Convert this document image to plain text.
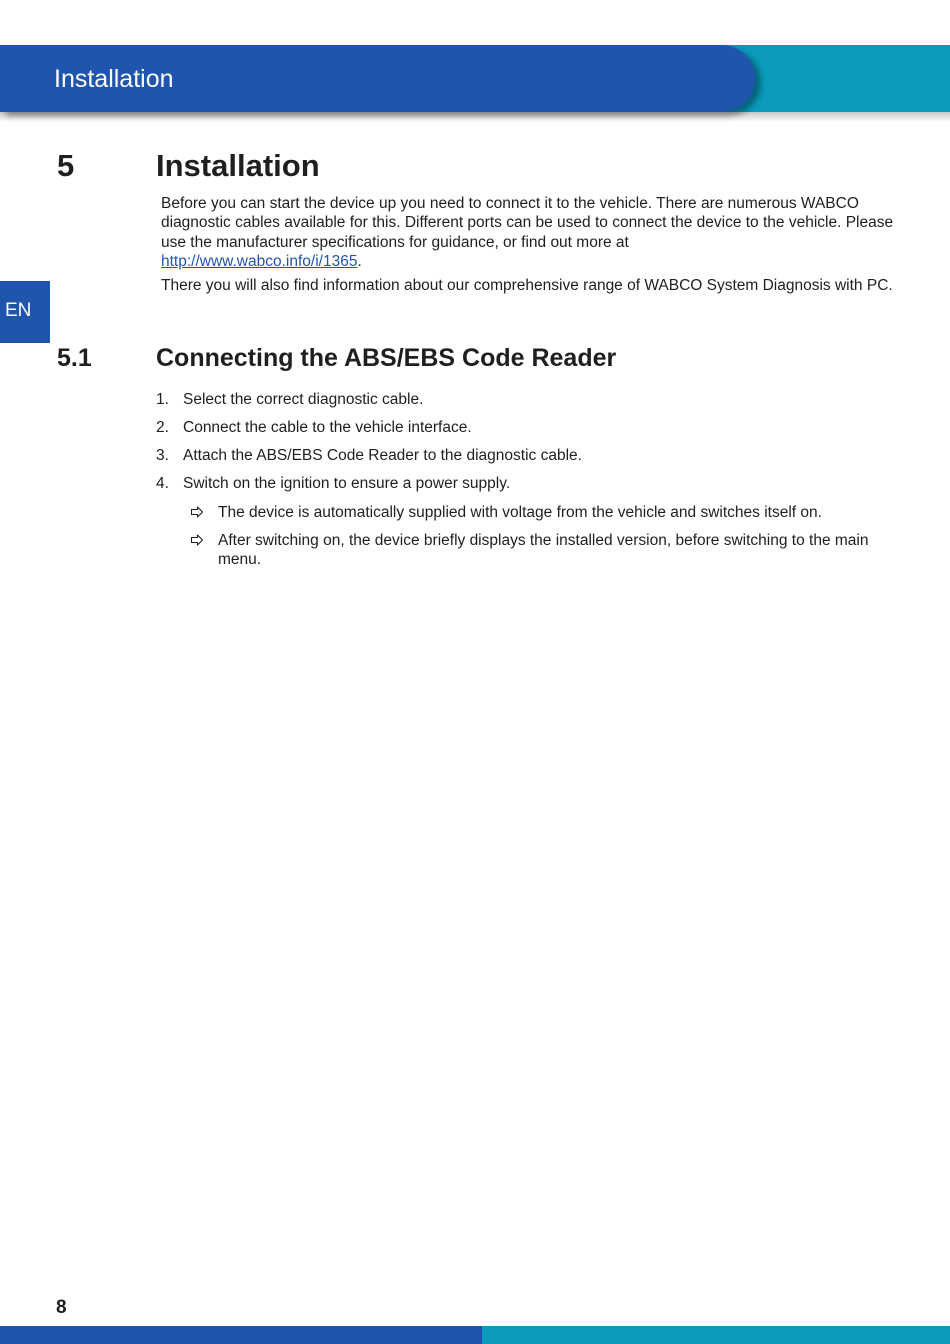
Installation
EN
5	Installation

Before you can start the device up you need to connect it to the vehicle. There are numerous WABCO diagnostic cables available for this. Different ports can be used to connect the device to the vehicle. Please use the manufacturer specifications for guidance, or find out more at
http://www.wabco.info/i/1365.

There you will also find information about our comprehensive range of WABCO System Diagnosis with PC.

5.1	Connecting the ABS/EBS Code Reader
1. Select the correct diagnostic cable.
2. Connect the cable to the vehicle interface.
3. Attach the ABS/EBS Code Reader to the diagnostic cable.
4. Switch on the ignition to ensure a power supply.
The device is automatically supplied with voltage from the vehicle and switches itself on.
After switching on, the device briefly displays the installed version, before switching to the main menu.
8
